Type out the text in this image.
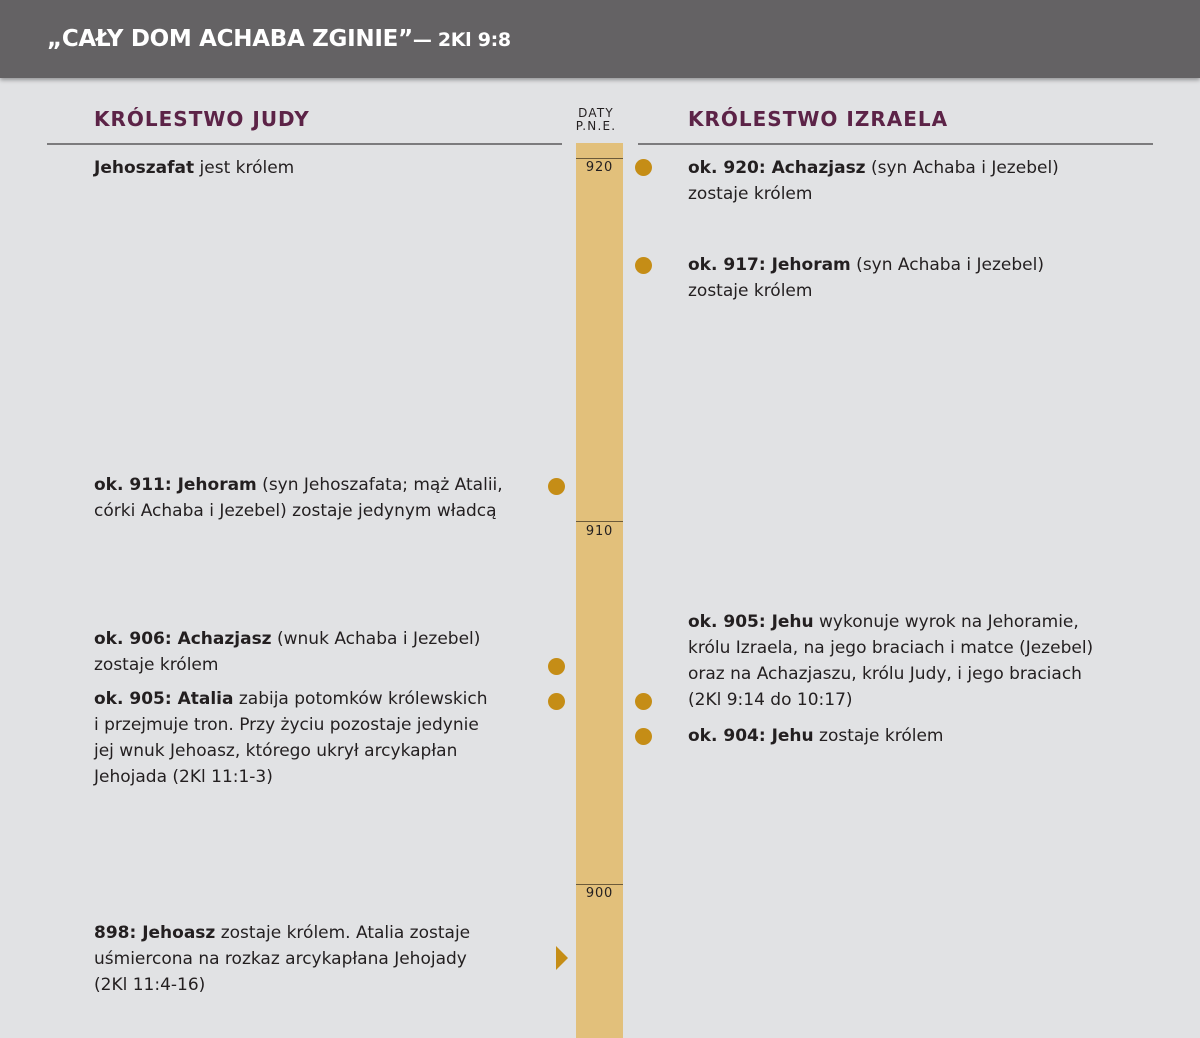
„CAŁY DOM ACHABA ZGINIE”— 2Kl 9:8
KRÓLESTWO JUDY	KRÓLESTWO IZRAELA
DATY
P.N.E.
920
910
900
Jehoszafat jest królem
ok. 911: Jehoram (syn Jehoszafata; mąż Atalii,
córki Achaba i Jezebel) zostaje jedynym władcą
ok. 906: Achazjasz (wnuk Achaba i Jezebel)
zostaje królem
ok. 905: Atalia zabija potomków królewskich
i przejmuje tron. Przy życiu pozostaje jedynie
jej wnuk Jehoasz, którego ukrył arcykapłan
Jehojada (2Kl 11:1-3)
898: Jehoasz zostaje królem. Atalia zostaje
uśmiercona na rozkaz arcykapłana Jehojady
(2Kl 11:4-16)
ok. 920: Achazjasz (syn Achaba i Jezebel)
zostaje królem
ok. 917: Jehoram (syn Achaba i Jezebel)
zostaje królem
ok. 905: Jehu wykonuje wyrok na Jehoramie,
królu Izraela, na jego braciach i matce (Jezebel)
oraz na Achazjaszu, królu Judy, i jego braciach
(2Kl 9:14 do 10:17)
ok. 904: Jehu zostaje królem
